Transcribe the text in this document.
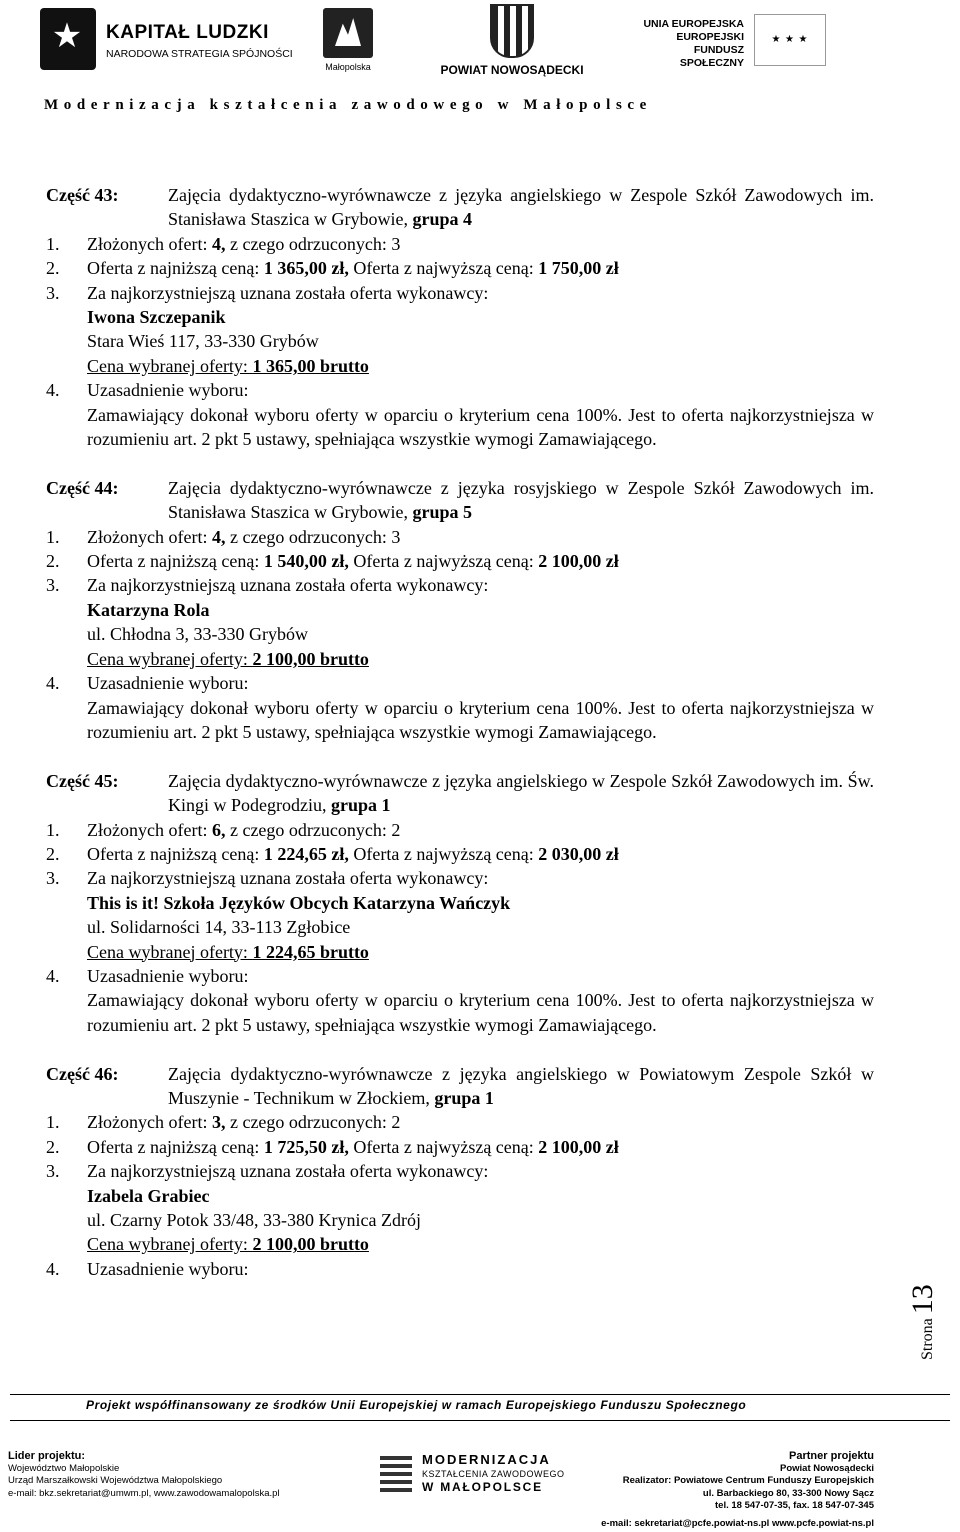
★ KAPITAŁ LUDZKI
NARODOWA STRATEGIA SPÓJNOŚCI
Małopolska	POWIAT NOWOSĄDECKI
UNIA EUROPEJSKA
EUROPEJSKI
FUNDUSZ SPOŁECZNY
★ ★ ★
Modernizacja kształcenia zawodowego w Małopolsce
Część 43:	Zajęcia dydaktyczno-wyrównawcze z języka angielskiego w Zespole Szkół Zawodowych im. Stanisława Staszica w Grybowie, grupa 4
1. Złożonych ofert: 4, z czego odrzuconych: 3
2. Oferta z najniższą ceną: 1 365,00 zł, Oferta z najwyższą ceną: 1 750,00 zł
3. Za najkorzystniejszą uznana została oferta wykonawcy:
Iwona Szczepanik
Stara Wieś 117, 33-330 Grybów
Cena wybranej oferty: 1 365,00 brutto
4. Uzasadnienie wyboru:
Zamawiający dokonał wyboru oferty w oparciu o kryterium cena 100%. Jest to oferta najkorzystniejsza w rozumieniu art. 2 pkt 5 ustawy, spełniająca wszystkie wymogi Zamawiającego.
Część 44:	Zajęcia dydaktyczno-wyrównawcze z języka rosyjskiego w Zespole Szkół Zawodowych im. Stanisława Staszica w Grybowie, grupa 5
1. Złożonych ofert: 4, z czego odrzuconych: 3
2. Oferta z najniższą ceną: 1 540,00 zł, Oferta z najwyższą ceną: 2 100,00 zł
3. Za najkorzystniejszą uznana została oferta wykonawcy:
Katarzyna Rola
ul. Chłodna 3, 33-330 Grybów
Cena wybranej oferty: 2 100,00 brutto
4. Uzasadnienie wyboru:
Zamawiający dokonał wyboru oferty w oparciu o kryterium cena 100%. Jest to oferta najkorzystniejsza w rozumieniu art. 2 pkt 5 ustawy, spełniająca wszystkie wymogi Zamawiającego.
Część 45:	Zajęcia dydaktyczno-wyrównawcze z języka angielskiego w Zespole Szkół Zawodowych im. Św. Kingi w Podegrodziu, grupa 1
1. Złożonych ofert: 6, z czego odrzuconych: 2
2. Oferta z najniższą ceną: 1 224,65 zł, Oferta z najwyższą ceną: 2 030,00 zł
3. Za najkorzystniejszą uznana została oferta wykonawcy:
This is it! Szkoła Języków Obcych Katarzyna Wańczyk
ul. Solidarności 14, 33-113 Zgłobice
Cena wybranej oferty: 1 224,65 brutto
4. Uzasadnienie wyboru:
Zamawiający dokonał wyboru oferty w oparciu o kryterium cena 100%. Jest to oferta najkorzystniejsza w rozumieniu art. 2 pkt 5 ustawy, spełniająca wszystkie wymogi Zamawiającego.
Część 46:	Zajęcia dydaktyczno-wyrównawcze z języka angielskiego w Powiatowym Zespole Szkół w Muszynie - Technikum w Złockiem, grupa 1
1. Złożonych ofert: 3, z czego odrzuconych: 2
2. Oferta z najniższą ceną: 1 725,50 zł, Oferta z najwyższą ceną: 2 100,00 zł
3. Za najkorzystniejszą uznana została oferta wykonawcy:
Izabela Grabiec
ul. Czarny Potok 33/48, 33-380 Krynica Zdrój
Cena wybranej oferty: 2 100,00 brutto
4. Uzasadnienie wyboru:
Strona 13
Projekt współfinansowany ze środków Unii Europejskiej w ramach Europejskiego Funduszu Społecznego
Lider projektu:
Województwo Małopolskie
Urząd Marszałkowski Województwa Małopolskiego
e-mail: bkz.sekretariat@umwm.pl, www.zawodowamalopolska.pl
MODERNIZACJA
KSZTAŁCENIA ZAWODOWEGO
W MAŁOPOLSCE
Partner projektu
Powiat Nowosądecki
Realizator: Powiatowe Centrum Funduszy Europejskich
ul. Barbackiego 80, 33-300 Nowy Sącz
tel. 18 547-07-35, fax. 18 547-07-345
e-mail: sekretariat@pcfe.powiat-ns.pl www.pcfe.powiat-ns.pl
